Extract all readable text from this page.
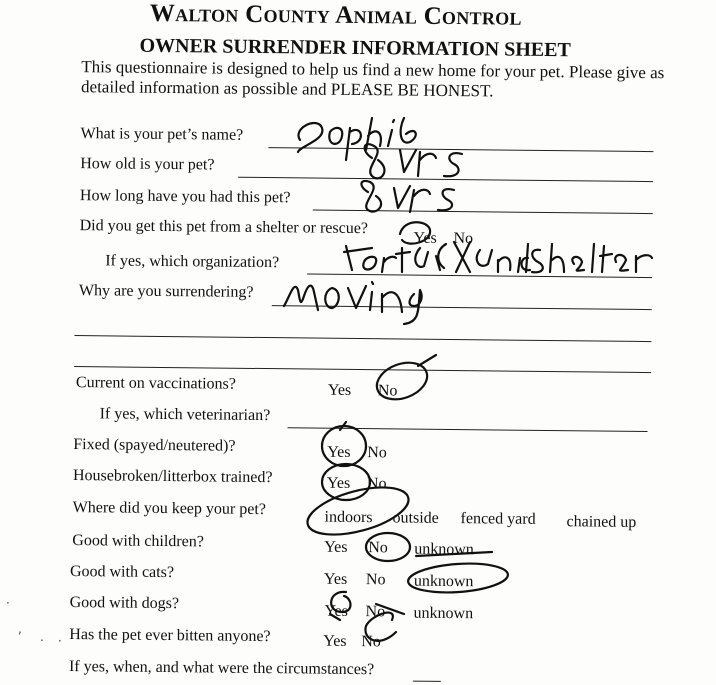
Walton County Animal Control
OWNER SURRENDER INFORMATION SHEET
This questionnaire is designed to help us find a new home for your pet. Please give as detailed information as possible and PLEASE BE HONEST.
What is your pet’s name?
How old is your pet?
How long have you had this pet?
Did you get this pet from a shelter or rescue?
Yes No
If yes, which organization?
Why are you surrendering?
Current on vaccinations?	Yes No
If yes, which veterinarian?
Fixed (spayed/neutered)?	Yes No
Housebroken/litterbox trained?	Yes No
Where did you keep your pet?	indoors outside fenced yard chained up
Good with children?	Yes No unknown
Good with cats?	Yes No unknown
Good with dogs?	Yes No unknown
Has the pet ever bitten anyone?	Yes No
If yes, when, and what were the circumstances?
·
,
. ·
